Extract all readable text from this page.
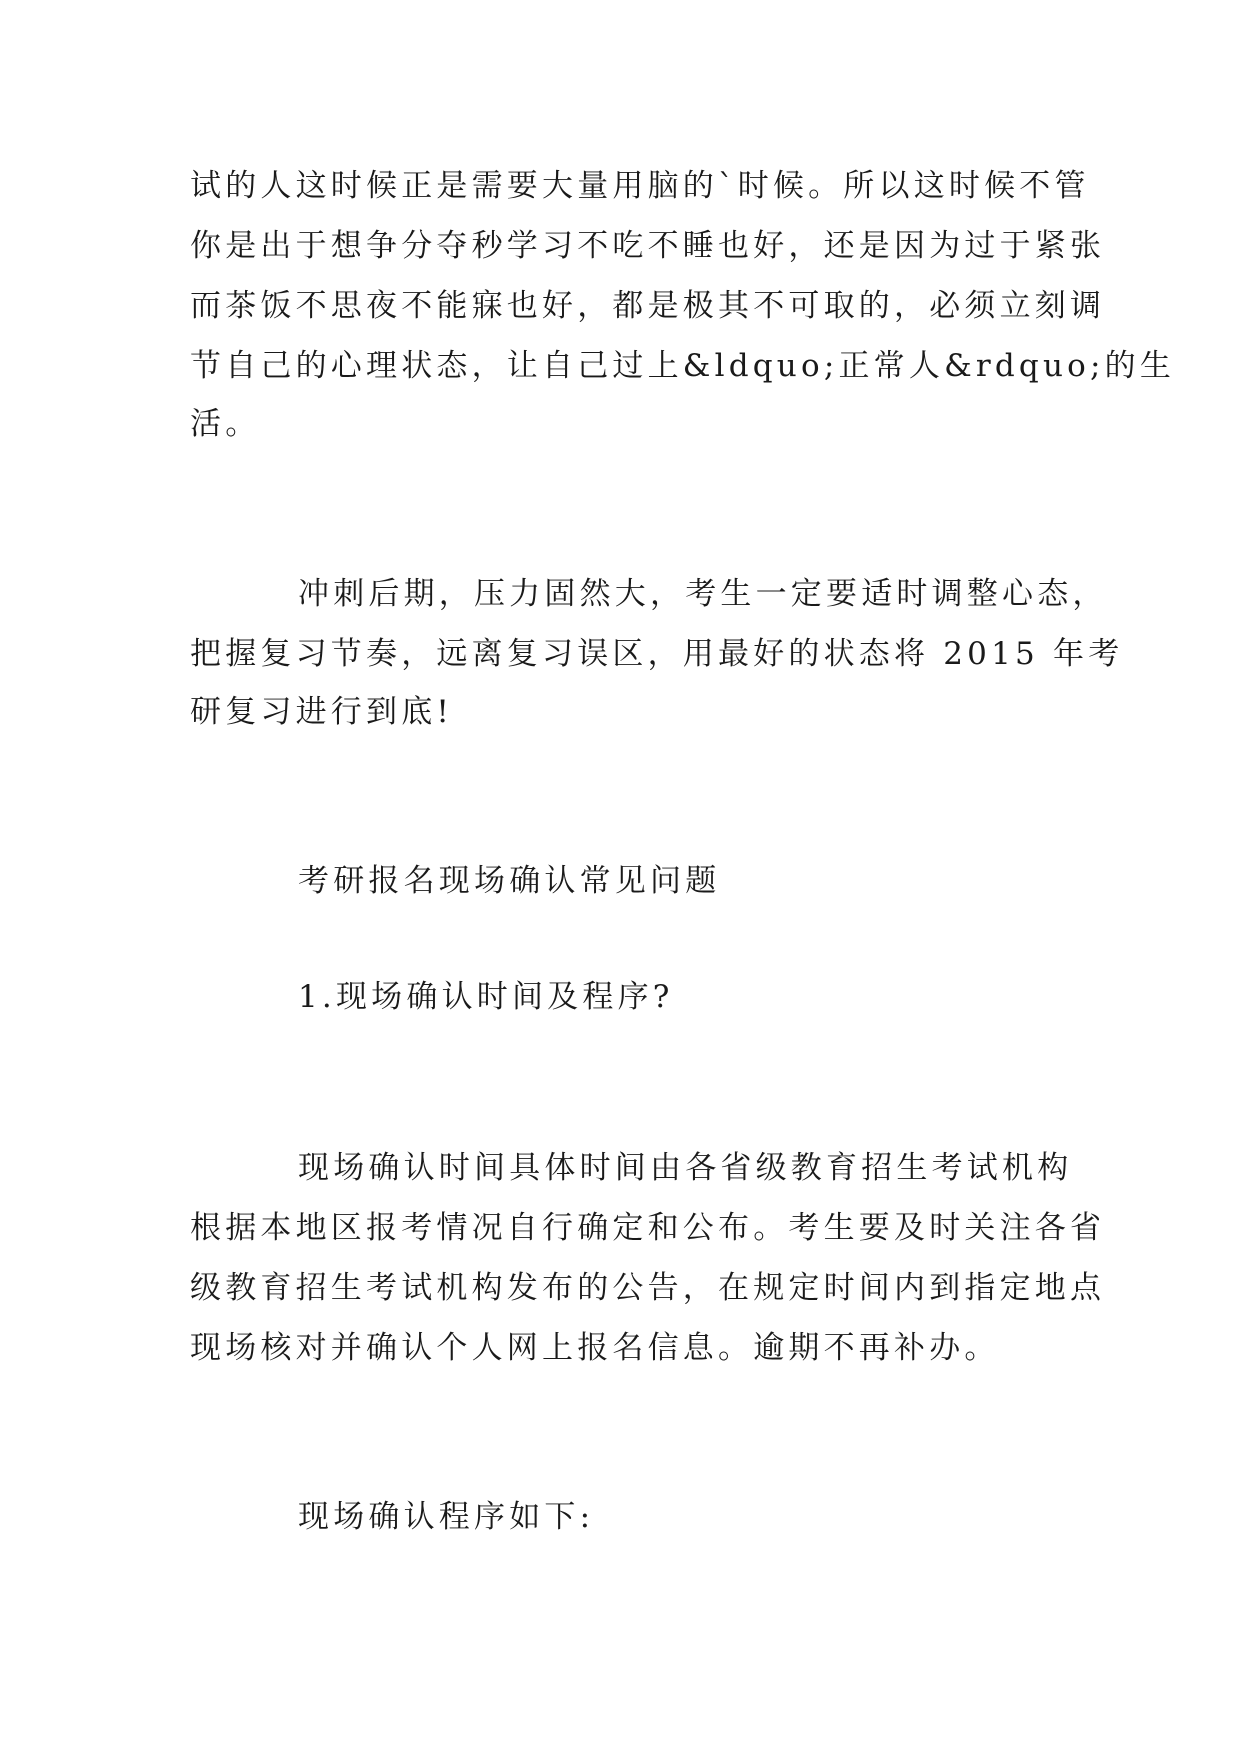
试的人这时候正是需要大量用脑的`时候。所以这时候不管
你是出于想争分夺秒学习不吃不睡也好，还是因为过于紧张
而茶饭不思夜不能寐也好，都是极其不可取的，必须立刻调
节自己的心理状态，让自己过上&ldquo;正常人&rdquo;的生
活。
冲刺后期，压力固然大，考生一定要适时调整心态，
把握复习节奏，远离复习误区，用最好的状态将 2015 年考
研复习进行到底!
考研报名现场确认常见问题
1.现场确认时间及程序?
现场确认时间具体时间由各省级教育招生考试机构
根据本地区报考情况自行确定和公布。考生要及时关注各省
级教育招生考试机构发布的公告，在规定时间内到指定地点
现场核对并确认个人网上报名信息。逾期不再补办。
现场确认程序如下:
